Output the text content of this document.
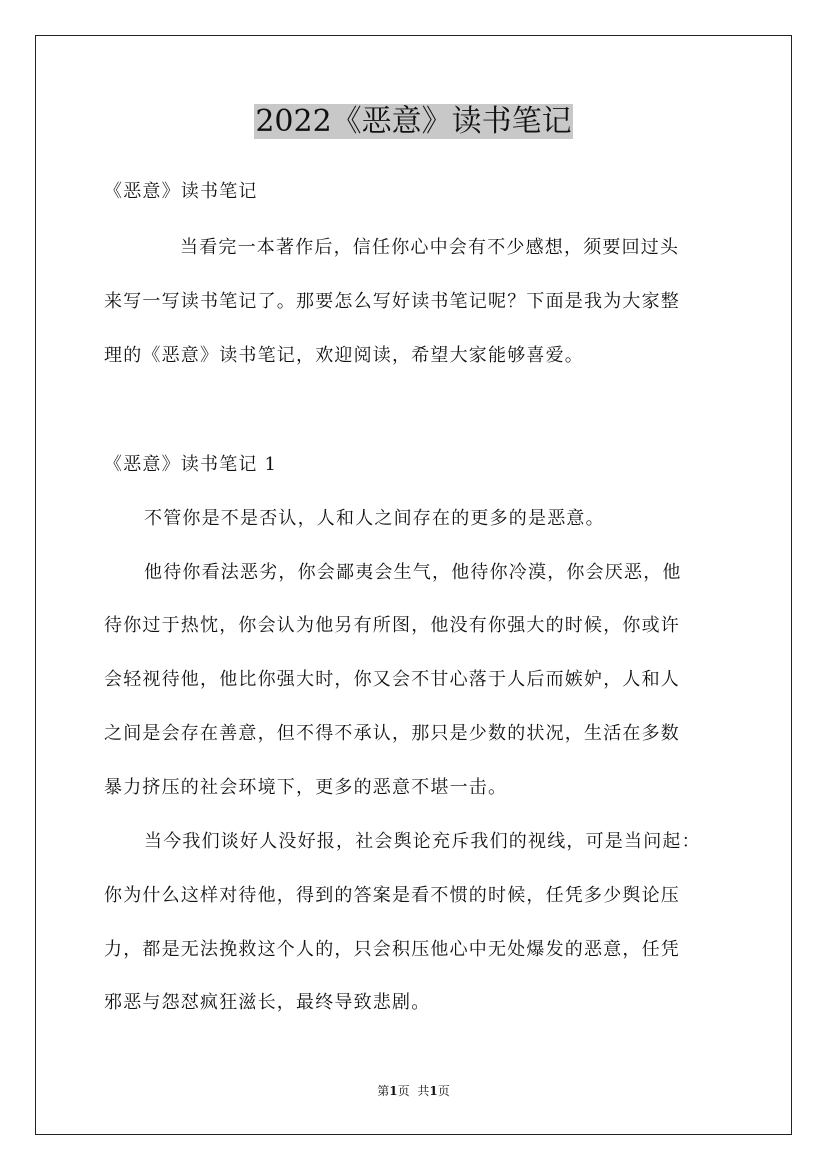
2022《恶意》读书笔记
《恶意》读书笔记
当看完一本著作后，信任你心中会有不少感想，须要回过头
来写一写读书笔记了。那要怎么写好读书笔记呢？下面是我为大家整
理的《恶意》读书笔记，欢迎阅读，希望大家能够喜爱。
《恶意》读书笔记 1
不管你是不是否认，人和人之间存在的更多的是恶意。
他待你看法恶劣，你会鄙夷会生气，他待你冷漠，你会厌恶，他
待你过于热忱，你会认为他另有所图，他没有你强大的时候，你或许
会轻视待他，他比你强大时，你又会不甘心落于人后而嫉妒，人和人
之间是会存在善意，但不得不承认，那只是少数的状况，生活在多数
暴力挤压的社会环境下，更多的恶意不堪一击。
当今我们谈好人没好报，社会舆论充斥我们的视线，可是当问起：
你为什么这样对待他，得到的答案是看不惯的时候，任凭多少舆论压
力，都是无法挽救这个人的，只会积压他心中无处爆发的恶意，任凭
邪恶与怨怼疯狂滋长，最终导致悲剧。
第1页 共1页
